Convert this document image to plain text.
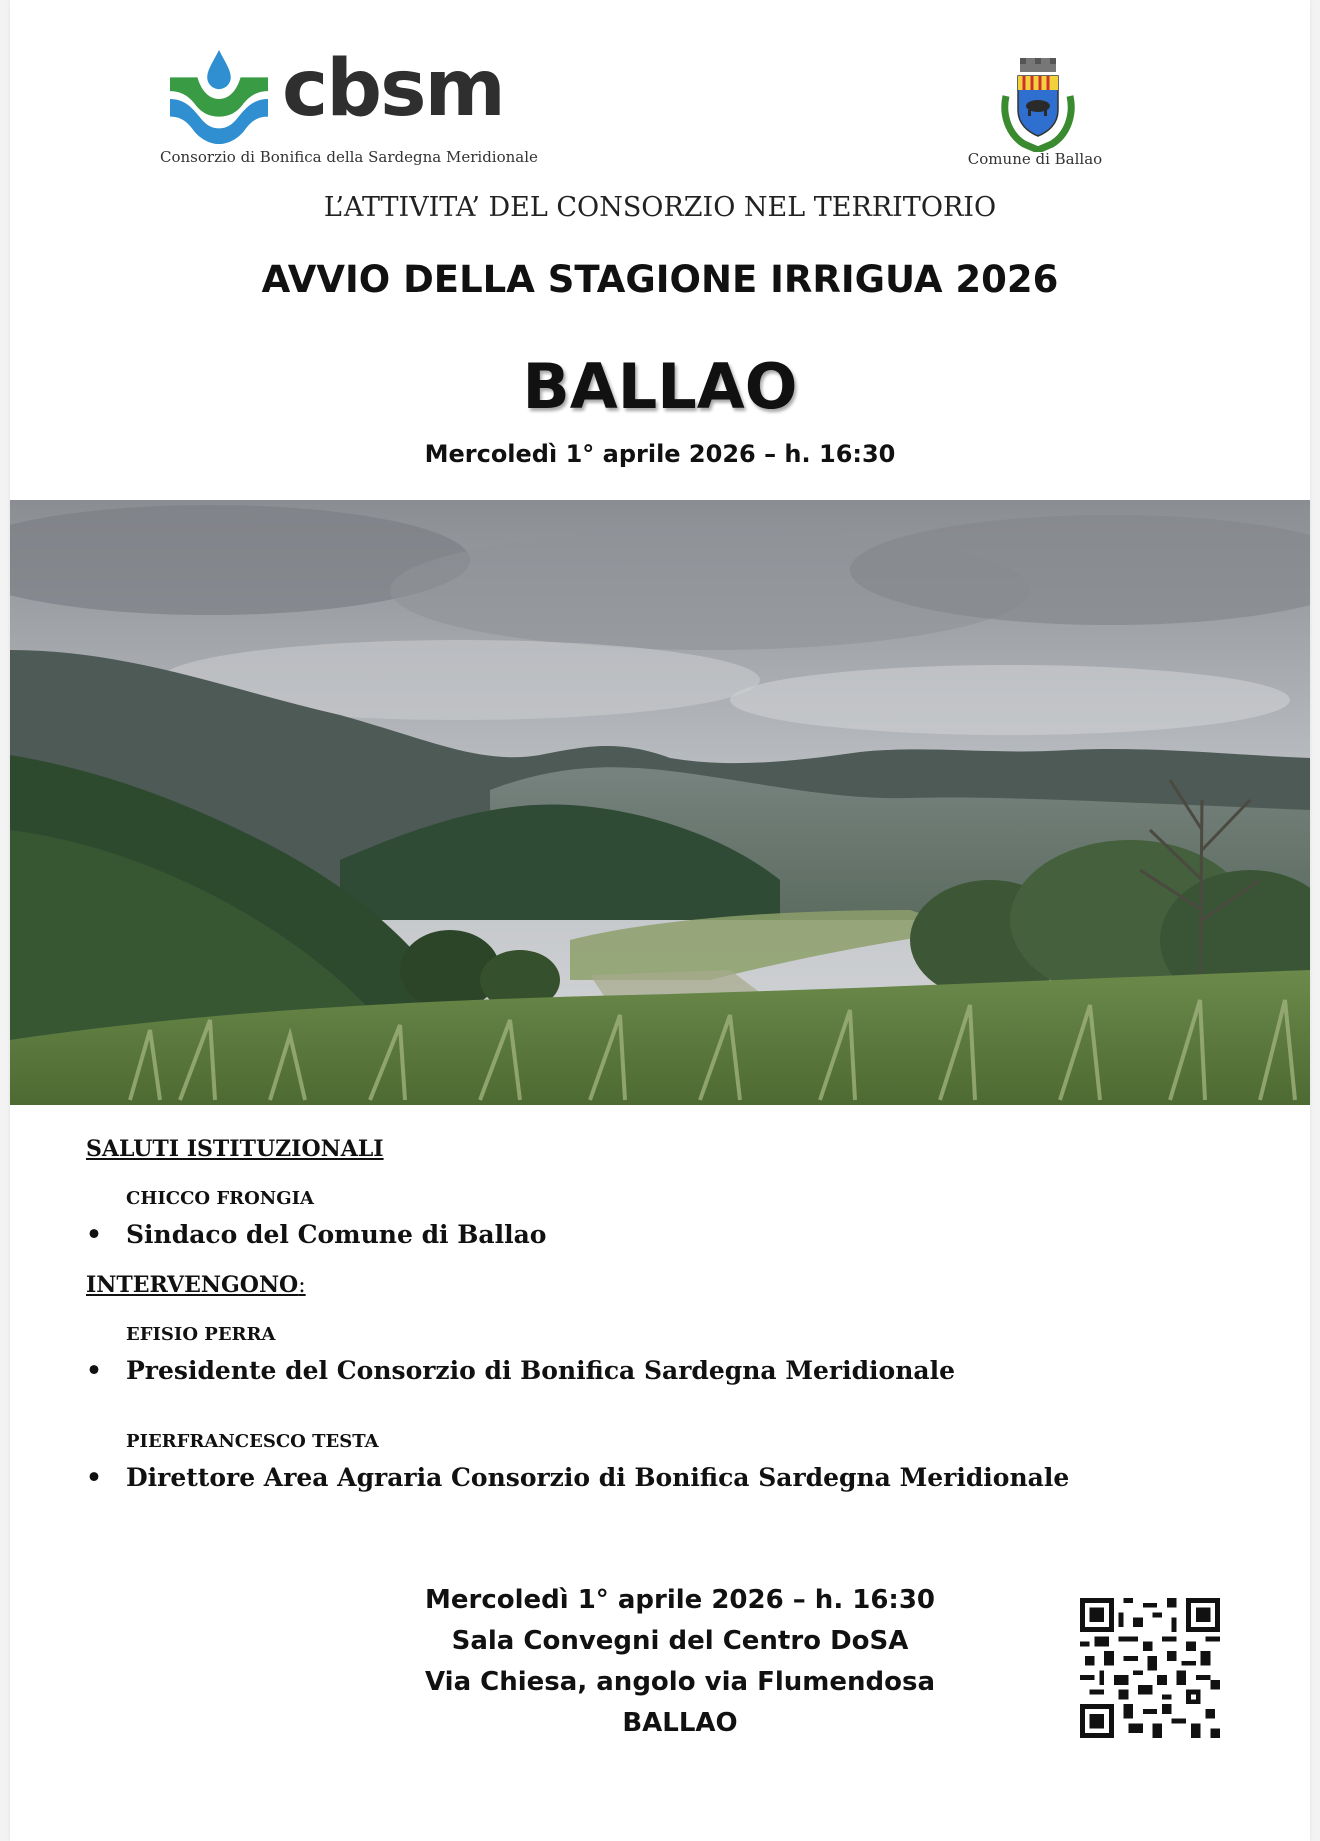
cbsm
Consorzio di Bonifica della Sardegna Meridionale	Comune di Ballao
L’ATTIVITA’ DEL CONSORZIO NEL TERRITORIO
AVVIO DELLA STAGIONE IRRIGUA 2026
BALLAO
Mercoledì 1° aprile 2026 – h. 16:30
SALUTI ISTITUZIONALI
CHICCO FRONGIA
• Sindaco del Comune di Ballao
INTERVENGONO:
EFISIO PERRA
• Presidente del Consorzio di Bonifica Sardegna Meridionale
PIERFRANCESCO TESTA
• Direttore Area Agraria Consorzio di Bonifica Sardegna Meridionale
Mercoledì 1° aprile 2026 – h. 16:30
Sala Convegni del Centro DoSA
Via Chiesa, angolo via Flumendosa
BALLAO
